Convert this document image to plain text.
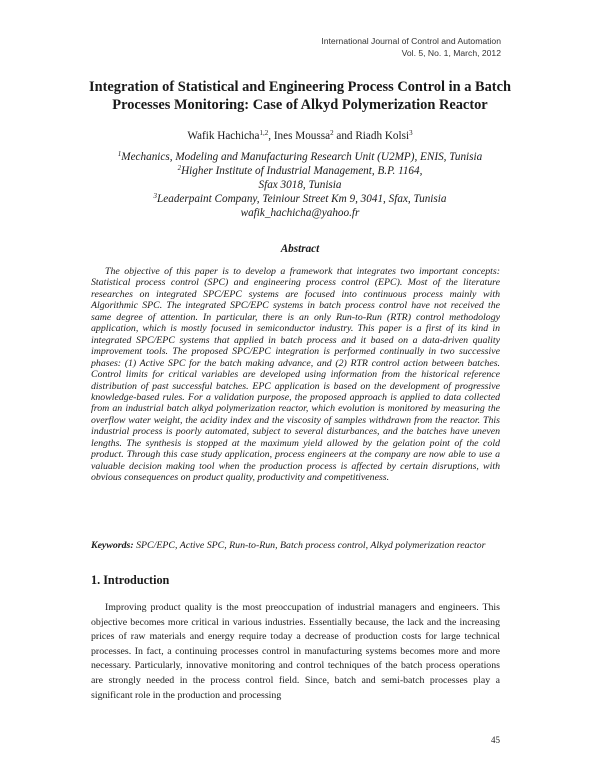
International Journal of Control and Automation
Vol. 5, No. 1, March, 2012
Integration of Statistical and Engineering Process Control in a Batch
Processes Monitoring: Case of Alkyd Polymerization Reactor
Wafik Hachicha$^{1,2}$, Ines Moussa$^2$ and Riadh Kolsi$^3$
$^1$Mechanics, Modeling and Manufacturing Research Unit (U2MP), ENIS, Tunisia
$^2$Higher Institute of Industrial Management, B.P. 1164,
Sfax 3018, Tunisia
$^3$Leaderpaint Company, Teiniour Street Km 9, 3041, Sfax, Tunisia
wafik_hachicha@yahoo.fr
Abstract
The objective of this paper is to develop a framework that integrates two important concepts: Statistical process control (SPC) and engineering process control (EPC). Most of the literature researches on integrated SPC/EPC systems are focused into continuous process mainly with Algorithmic SPC. The integrated SPC/EPC systems in batch process control have not received the same degree of attention. In particular, there is an only Run-to-Run (RTR) control methodology application, which is mostly focused in semiconductor industry. This paper is a first of its kind in integrated SPC/EPC systems that applied in batch process and it based on a data-driven quality improvement tools. The proposed SPC/EPC integration is performed continually in two successive phases: (1) Active SPC for the batch making advance, and (2) RTR control action between batches. Control limits for critical variables are developed using information from the historical reference distribution of past successful batches. EPC application is based on the development of progressive knowledge-based rules. For a validation purpose, the proposed approach is applied to data collected from an industrial batch alkyd polymerization reactor, which evolution is monitored by measuring the overflow water weight, the acidity index and the viscosity of samples withdrawn from the reactor. This industrial process is poorly automated, subject to several disturbances, and the batches have uneven lengths. The synthesis is stopped at the maximum yield allowed by the gelation point of the cold product. Through this case study application, process engineers at the company are now able to use a valuable decision making tool when the production process is affected by certain disruptions, with obvious consequences on product quality, productivity and competitiveness.
Keywords: SPC/EPC, Active SPC, Run-to-Run, Batch process control, Alkyd polymerization reactor
1. Introduction
Improving product quality is the most preoccupation of industrial managers and engineers. This objective becomes more critical in various industries. Essentially because, the lack and the increasing prices of raw materials and energy require today a decrease of production costs for large technical processes. In fact, a continuing processes control in manufacturing systems becomes more and more necessary. Particularly, innovative monitoring and control techniques of the batch process operations are strongly needed in the process control field. Since, batch and semi-batch processes play a significant role in the production and processing
45
